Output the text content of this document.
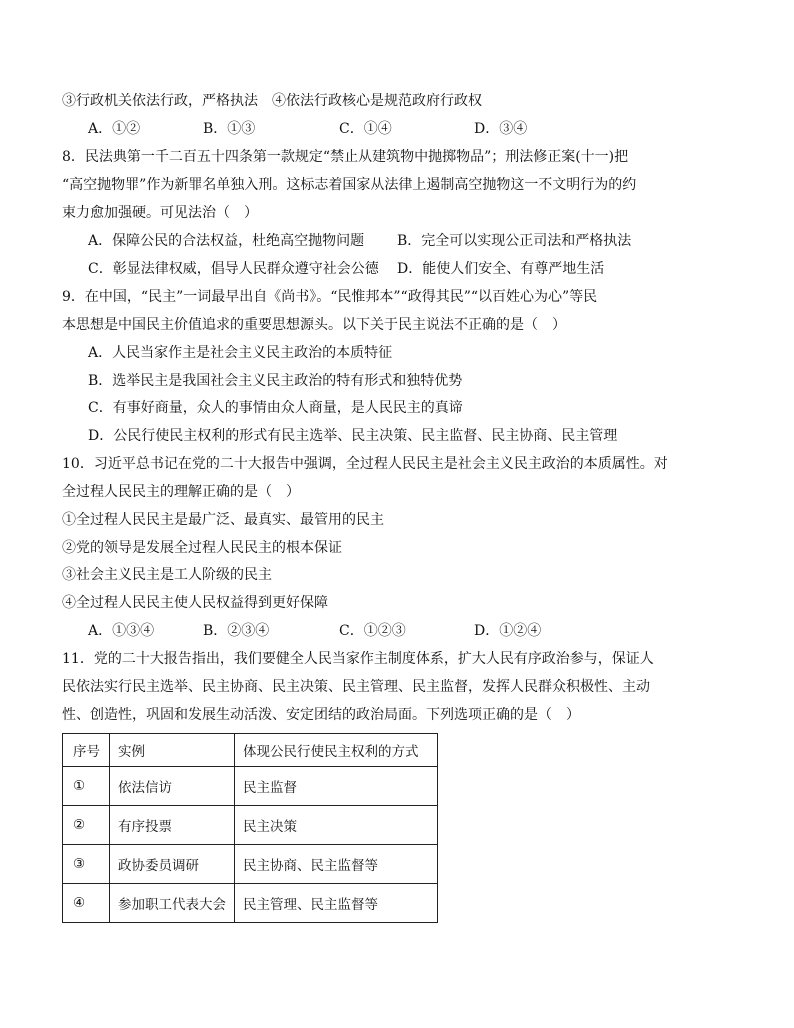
③行政机关依法行政，严格执法　④依法行政核心是规范政府行政权
A．①②	B．①③	C．①④	D．③④
8．民法典第一千二百五十四条第一款规定“禁止从建筑物中抛掷物品”；刑法修正案(十一)把
“高空抛物罪”作为新罪名单独入刑。这标志着国家从法律上遏制高空抛物这一不文明行为的约
束力愈加强硬。可见法治（　）
A．保障公民的合法权益，杜绝高空抛物问题 B．完全可以实现公正司法和严格执法
C．彰显法律权威，倡导人民群众遵守社会公德 D．能使人们安全、有尊严地生活
9．在中国，“民主”一词最早出自《尚书》。“民惟邦本”“政得其民”“以百姓心为心”等民
本思想是中国民主价值追求的重要思想源头。以下关于民主说法不正确的是（　）
A．人民当家作主是社会主义民主政治的本质特征
B．选举民主是我国社会主义民主政治的特有形式和独特优势
C．有事好商量，众人的事情由众人商量，是人民民主的真谛
D．公民行使民主权利的形式有民主选举、民主决策、民主监督、民主协商、民主管理
10．习近平总书记在党的二十大报告中强调，全过程人民民主是社会主义民主政治的本质属性。对
全过程人民民主的理解正确的是（　）
①全过程人民民主是最广泛、最真实、最管用的民主
②党的领导是发展全过程人民民主的根本保证
③社会主义民主是工人阶级的民主
④全过程人民民主使人民权益得到更好保障
A．①③④	B．②③④	C．①②③	D．①②④
11．党的二十大报告指出，我们要健全人民当家作主制度体系，扩大人民有序政治参与，保证人
民依法实行民主选举、民主协商、民主决策、民主管理、民主监督，发挥人民群众积极性、主动
性、创造性，巩固和发展生动活泼、安定团结的政治局面。下列选项正确的是（　）
序号	实例	体现公民行使民主权利的方式
①	依法信访	民主监督
②	有序投票	民主决策
③	政协委员调研	民主协商、民主监督等
④	参加职工代表大会	民主管理、民主监督等
